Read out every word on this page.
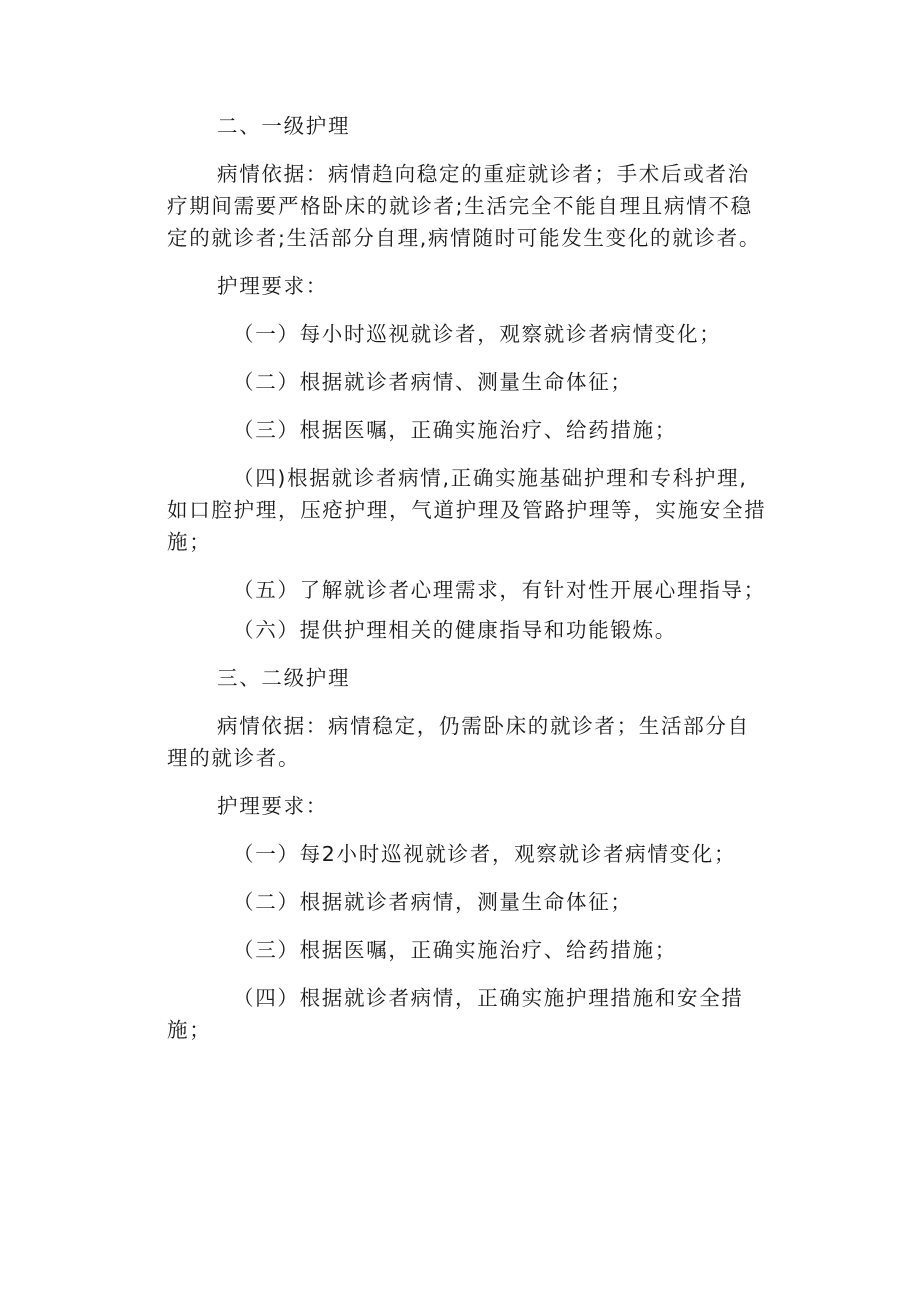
二、一级护理
病情依据：病情趋向稳定的重症就诊者；手术后或者治
疗期间需要严格卧床的就诊者;生活完全不能自理且病情不稳
定的就诊者;生活部分自理,病情随时可能发生变化的就诊者。
护理要求：
（一）每小时巡视就诊者，观察就诊者病情变化；
（二）根据就诊者病情、测量生命体征；
（三）根据医嘱，正确实施治疗、给药措施；
（四)根据就诊者病情,正确实施基础护理和专科护理,
如口腔护理，压疮护理，气道护理及管路护理等，实施安全措
施；
（五）了解就诊者心理需求，有针对性开展心理指导；
（六）提供护理相关的健康指导和功能锻炼。
三、二级护理
病情依据：病情稳定，仍需卧床的就诊者；生活部分自
理的就诊者。
护理要求：
（一）每2小时巡视就诊者，观察就诊者病情变化；
（二）根据就诊者病情，测量生命体征；
（三）根据医嘱，正确实施治疗、给药措施；
（四）根据就诊者病情，正确实施护理措施和安全措
施；
